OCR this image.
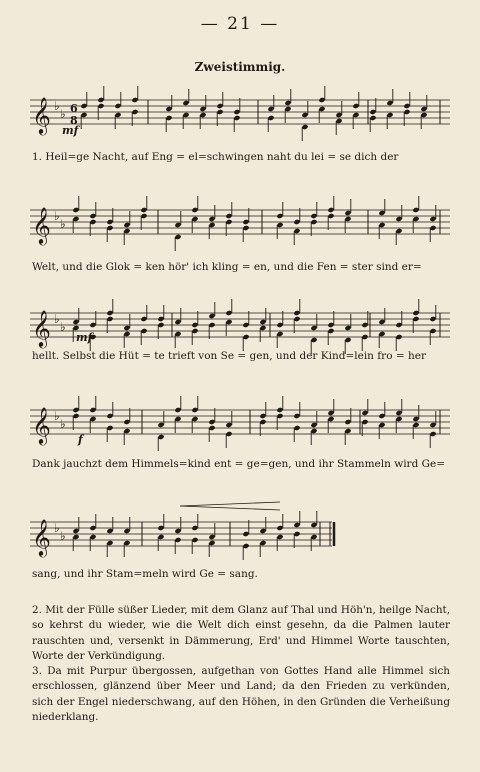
— 21 —
Zweistimmig.
𝄞 ♭
♭ 6
8
mf
1. Heil=ge Nacht, auf Eng = el=schwingen naht du lei = se dich der
𝄞 ♭
♭
Welt, und die Glok = ken hör' ich kling = en, und die Fen = ster sind er=
𝄞 ♭
♭
mf
hellt. Selbst die Hüt = te trieft von Se = gen, und der Kind=lein fro = her
𝄞 ♭
♭
f
Dank jauchzt dem Himmels=kind ent = ge=gen, und ihr Stammeln wird Ge=
𝄞 ♭
♭
sang, und ihr Stam=meln wird Ge = sang.
2. Mit der Fülle süßer Lieder, mit dem Glanz auf Thal und Höh'n, heilge Nacht, so kehrst du wieder, wie die Welt dich einst gesehn, da die Palmen lauter rauschten und, versenkt in Dämmerung, Erd' und Himmel Worte tauschten, Worte der Verkündigung.
3. Da mit Purpur übergossen, aufgethan von Gottes Hand alle Himmel sich erschlossen, glänzend über Meer und Land; da den Frieden zu verkünden, sich der Engel niederschwang, auf den Höhen, in den Gründen die Verheißung niederklang.
